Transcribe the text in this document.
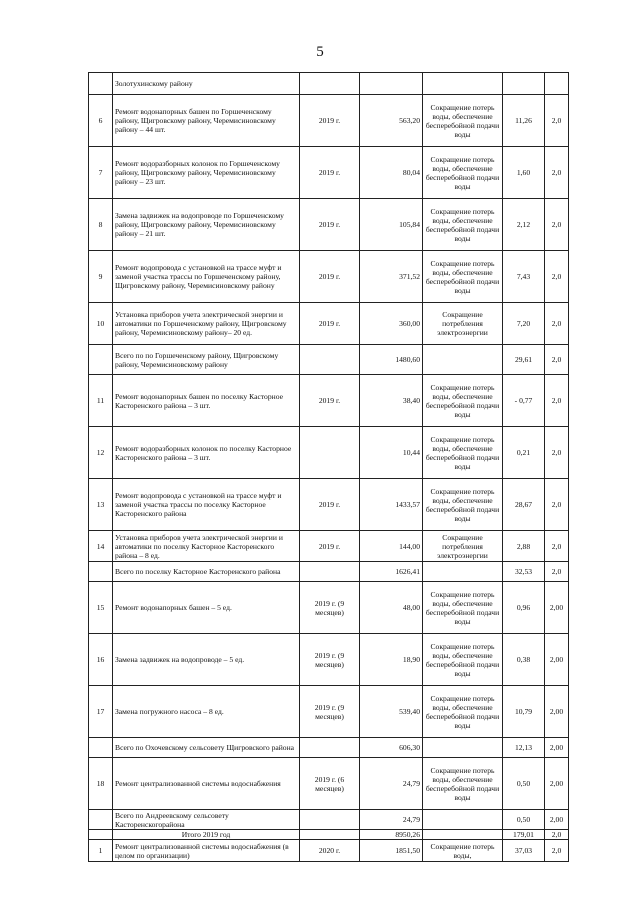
5
	Золотухинскому району					
6	Ремонт водонапорных башен по Горшеченскому району, Щигровскому району, Черемисиновскому району – 44 шт.	2019 г.	563,20	Сокращение потерь воды, обеспечение бесперебойной подачи воды	11,26	2,0
7	Ремонт водоразборных колонок по Горшеченскому району, Щигровскому району, Черемисиновскому району – 23 шт.	2019 г.	80,04	Сокращение потерь воды, обеспечение бесперебойной подачи воды	1,60	2,0
8	Замена задвижек на водопроводе по Горшеченскому району, Щигровскому району, Черемисиновскому району – 21 шт.	2019 г.	105,84	Сокращение потерь воды, обеспечение бесперебойной подачи воды	2,12	2,0
9	Ремонт водопровода с установкой на трассе муфт и заменой участка трассы по Горшеченскому району, Щигровскому району, Черемисиновскому району	2019 г.	371,52	Сокращение потерь воды, обеспечение бесперебойной подачи воды	7,43	2,0
10	Установка приборов учета электрической энергии и автоматики по Горшеченскому району, Щигровскому району, Черемисиновскому району– 20 ед.	2019 г.	360,00	Сокращение потребления электроэнергии	7,20	2,0
	Всего по по Горшеченскому району, Щигровскому району, Черемисиновскому району		1480,60		29,61	2,0
11	Ремонт водонапорных башен по поселку Касторное Касторенского района – 3 шт.	2019 г.	38,40	Сокращение потерь воды, обеспечение бесперебойной подачи воды	- 0,77	2,0
12	Ремонт водоразборных колонок по поселку Касторное Касторенского района – 3 шт.		10,44	Сокращение потерь воды, обеспечение бесперебойной подачи воды	0,21	2,0
13	Ремонт водопровода с установкой на трассе муфт и заменой участка трассы по поселку Касторное Касторенского района	2019 г.	1433,57	Сокращение потерь воды, обеспечение бесперебойной подачи воды	28,67	2,0
14	Установка приборов учета электрической энергии и автоматики по поселку Касторное Касторенского района – 8 ед.	2019 г.	144,00	Сокращение потребления электроэнергии	2,88	2,0
	Всего по поселку Касторное Касторенского района		1626,41		32,53	2,0
15	Ремонт водонапорных башен – 5 ед.	2019 г. (9 месяцев)	48,00	Сокращение потерь воды, обеспечение бесперебойной подачи воды	0,96	2,00
16	Замена задвижек на водопроводе – 5 ед.	2019 г. (9 месяцев)	18,90	Сокращение потерь воды, обеспечение бесперебойной подачи воды	0,38	2,00
17	Замена погружного насоса – 8 ед.	2019 г. (9 месяцев)	539,40	Сокращение потерь воды, обеспечение бесперебойной подачи воды	10,79	2,00
	Всего по Охочевскому сельсовету Щигровского района		606,30		12,13	2,00
18	Ремонт централизованной системы водоснабжения	2019 г. (6 месяцев)	24,79	Сокращение потерь воды, обеспечение бесперебойной подачи воды	0,50	2,00
	Всего по Андреевскому сельсовету Касторенскогорайона		24,79		0,50	2,00
	Итого 2019 год		8950,26		179,01	2,0
1	Ремонт централизованной системы водоснабжения (в целом по организации)	2020 г.	1851,50	Сокращение потерь воды,	37,03	2,0
